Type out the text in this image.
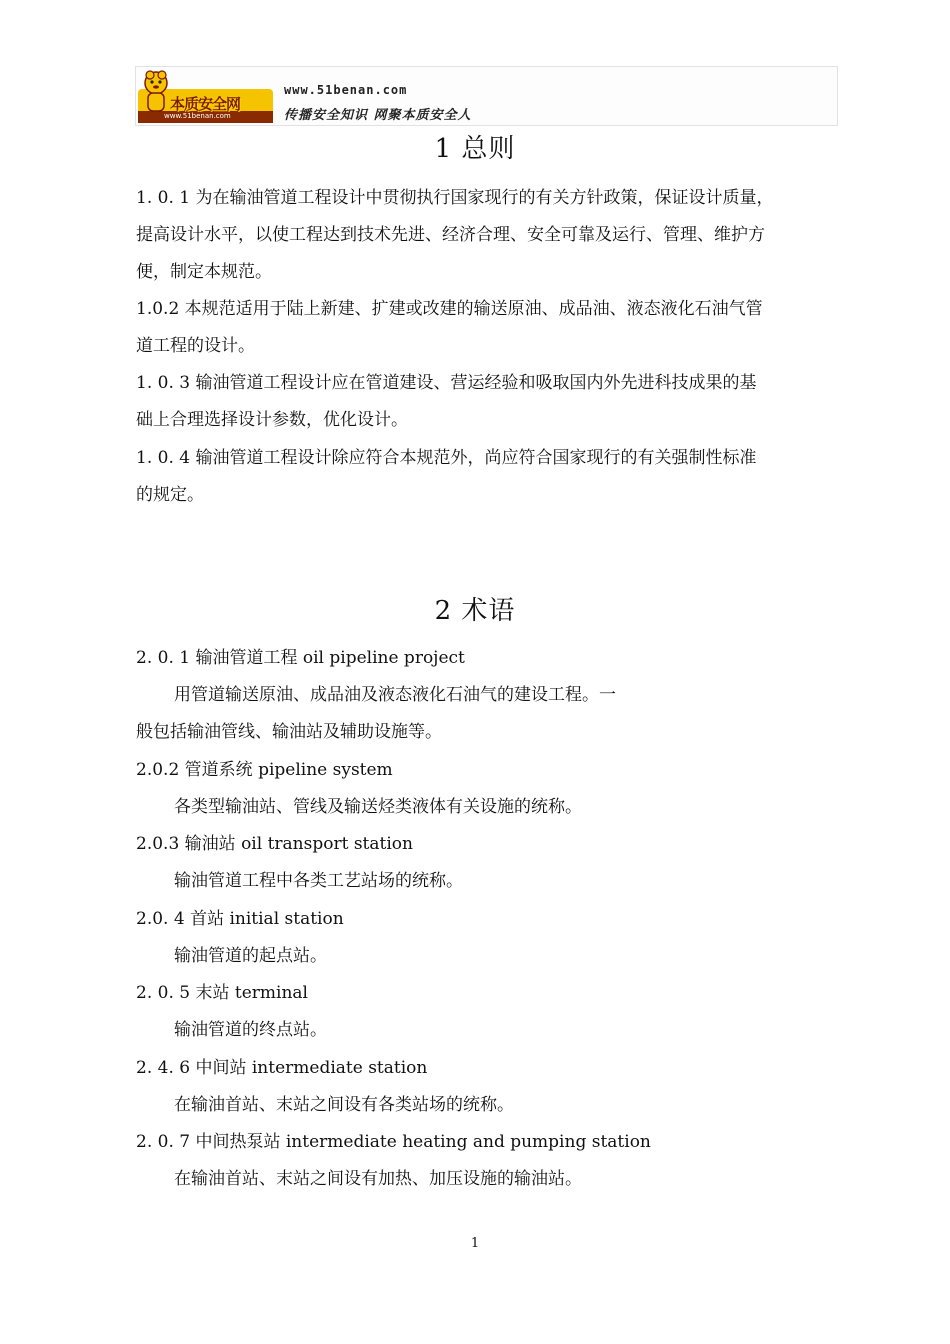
本质安全网
www.51benan.com
www.51benan.com
传播安全知识 网聚本质安全人
1 总则

1. 0. 1 为在输油管道工程设计中贯彻执行国家现行的有关方针政策，保证设计质量，

提高设计水平，以使工程达到技术先进、经济合理、安全可靠及运行、管理、维护方

便，制定本规范。

1.0.2 本规范适用于陆上新建、扩建或改建的输送原油、成品油、液态液化石油气管

道工程的设计。

1. 0. 3 输油管道工程设计应在管道建设、营运经验和吸取国内外先进科技成果的基

础上合理选择设计参数，优化设计。

1. 0. 4 输油管道工程设计除应符合本规范外，尚应符合国家现行的有关强制性标准

的规定。

2 术语

2. 0. 1 输油管道工程 oil pipeline project

用管道输送原油、成品油及液态液化石油气的建设工程。一

般包括输油管线、输油站及辅助设施等。

2.0.2 管道系统 pipeline system

各类型输油站、管线及输送烃类液体有关设施的统称。

2.0.3 输油站 oil transport station

输油管道工程中各类工艺站场的统称。

2.0. 4 首站 initial station

输油管道的起点站。

2. 0. 5 末站 terminal

输油管道的终点站。

2. 4. 6 中间站 intermediate station

在输油首站、末站之间设有各类站场的统称。

2. 0. 7 中间热泵站 intermediate heating and pumping station

在输油首站、末站之间设有加热、加压设施的输油站。

1
